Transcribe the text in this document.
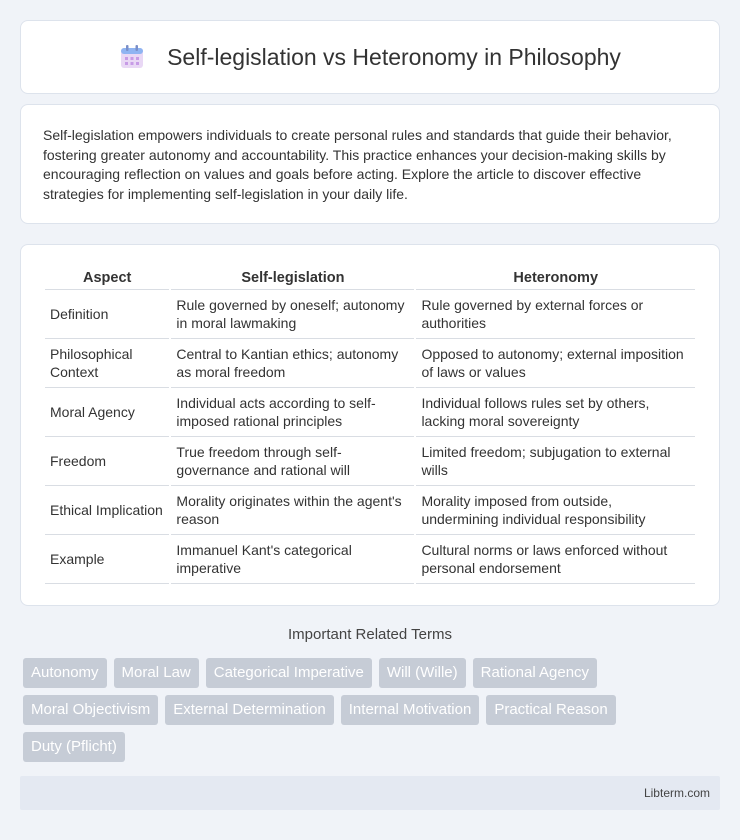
Self-legislation vs Heteronomy in Philosophy

Self-legislation empowers individuals to create personal rules and standards that guide their behavior, fostering greater autonomy and accountability. This practice enhances your decision-making skills by encouraging reflection on values and goals before acting. Explore the article to discover effective strategies for implementing self-legislation in your daily life.

Aspect	Self-legislation	Heteronomy
Definition	Rule governed by oneself; autonomy in moral lawmaking	Rule governed by external forces or authorities
Philosophical Context	Central to Kantian ethics; autonomy as moral freedom	Opposed to autonomy; external imposition of laws or values
Moral Agency	Individual acts according to self-imposed rational principles	Individual follows rules set by others, lacking moral sovereignty
Freedom	True freedom through self-governance and rational will	Limited freedom; subjugation to external wills
Ethical Implication	Morality originates within the agent's reason	Morality imposed from outside, undermining individual responsibility
Example	Immanuel Kant's categorical imperative	Cultural norms or laws enforced without personal endorsement
Important Related Terms
Autonomy	Moral Law	Categorical Imperative	Will (Wille)	Rational Agency
Moral Objectivism	External Determination	Internal Motivation	Practical Reason
Duty (Pflicht)
Libterm.com
